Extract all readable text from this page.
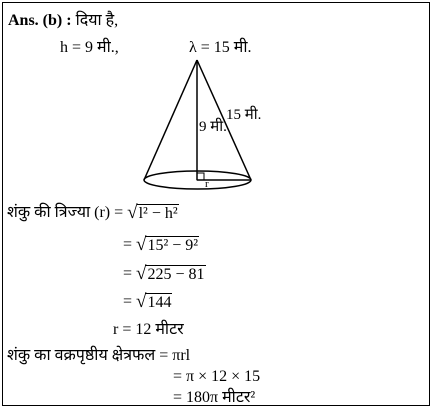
Ans. (b) : दिया है,
h = 9 मी.,	λ = 15 मी.
9 मी.
15 मी.
r
शंकु की त्रिज्या (r) = √l² − h²
= √15² − 9²
= √225 − 81
= √144
r = 12 मीटर
शंकु का वक्रपृष्ठीय क्षेत्रफल = πrl
= π × 12 × 15
= 180π मीटर²
